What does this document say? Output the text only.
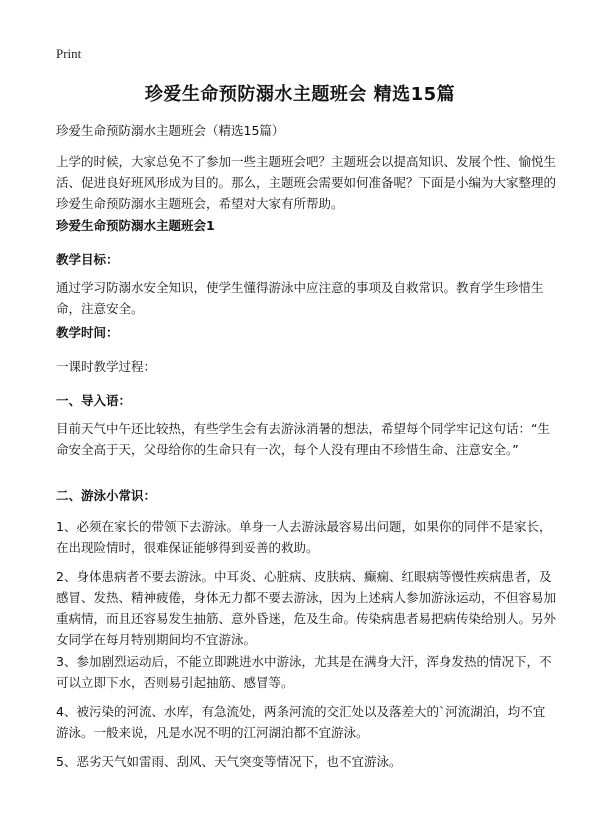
Print
珍爱生命预防溺水主题班会 精选15篇
珍爱生命预防溺水主题班会（精选15篇）
上学的时候，大家总免不了参加一些主题班会吧？主题班会以提高知识、发展个性、愉悦生活、促进良好班风形成为目的。那么，主题班会需要如何准备呢？下面是小编为大家整理的珍爱生命预防溺水主题班会，希望对大家有所帮助。
珍爱生命预防溺水主题班会1
教学目标：
通过学习防溺水安全知识，使学生懂得游泳中应注意的事项及自救常识。教育学生珍惜生命，注意安全。
教学时间：
一课时教学过程：
一、导入语：
目前天气中午还比较热，有些学生会有去游泳消暑的想法，希望每个同学牢记这句话：“生命安全高于天，父母给你的生命只有一次，每个人没有理由不珍惜生命、注意安全。”
二、游泳小常识：
1、必须在家长的带领下去游泳。单身一人去游泳最容易出问题，如果你的同伴不是家长，在出现险情时，很难保证能够得到妥善的救助。
2、身体患病者不要去游泳。中耳炎、心脏病、皮肤病、癫痫、红眼病等慢性疾病患者，及感冒、发热、精神疲倦，身体无力都不要去游泳，因为上述病人参加游泳运动，不但容易加重病情，而且还容易发生抽筋、意外昏迷，危及生命。传染病患者易把病传染给别人。另外女同学在每月特别期间均不宜游泳。
3、参加剧烈运动后，不能立即跳进水中游泳，尤其是在满身大汗，浑身发热的情况下，不可以立即下水，否则易引起抽筋、感冒等。
4、被污染的河流、水库，有急流处，两条河流的交汇处以及落差大的`河流湖泊，均不宜游泳。一般来说，凡是水况不明的江河湖泊都不宜游泳。
5、恶劣天气如雷雨、刮风、天气突变等情况下，也不宜游泳。
